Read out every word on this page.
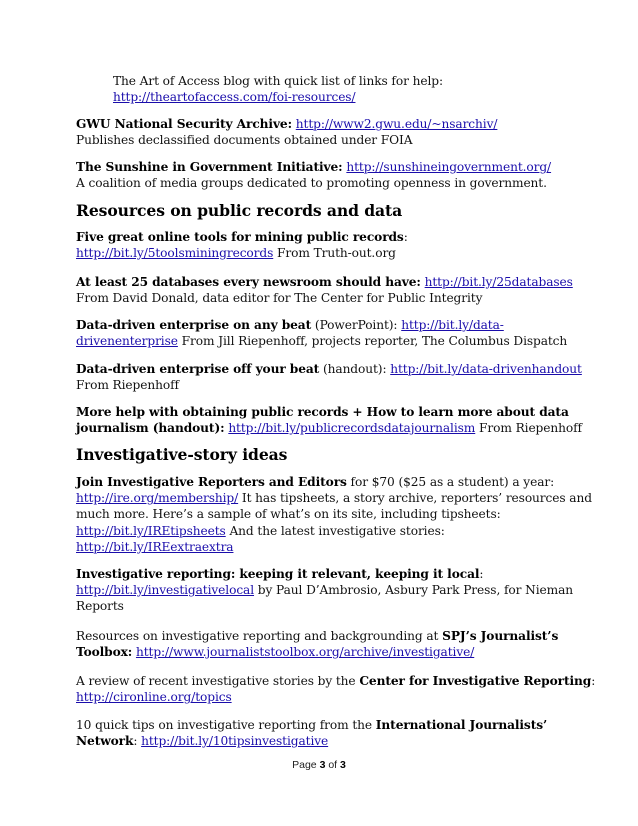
The Art of Access blog with quick list of links for help:
http://theartofaccess.com/foi-resources/
GWU National Security Archive: http://www2.gwu.edu/~nsarchiv/
Publishes declassified documents obtained under FOIA
The Sunshine in Government Initiative: http://sunshineingovernment.org/
A coalition of media groups dedicated to promoting openness in government.
Resources on public records and data
Five great online tools for mining public records:
http://bit.ly/5toolsminingrecords From Truth-out.org
At least 25 databases every newsroom should have: http://bit.ly/25databases
From David Donald, data editor for The Center for Public Integrity
Data-driven enterprise on any beat (PowerPoint): http://bit.ly/data-
drivenenterprise From Jill Riepenhoff, projects reporter, The Columbus Dispatch
Data-driven enterprise off your beat (handout): http://bit.ly/data-drivenhandout
From Riepenhoff
More help with obtaining public records + How to learn more about data
journalism (handout): http://bit.ly/publicrecordsdatajournalism From Riepenhoff
Investigative-story ideas
Join Investigative Reporters and Editors for $70 ($25 as a student) a year:
http://ire.org/membership/ It has tipsheets, a story archive, reporters’ resources and
much more. Here’s a sample of what’s on its site, including tipsheets:
http://bit.ly/IREtipsheets And the latest investigative stories:
http://bit.ly/IREextraextra
Investigative reporting: keeping it relevant, keeping it local:
http://bit.ly/investigativelocal by Paul D’Ambrosio, Asbury Park Press, for Nieman
Reports
Resources on investigative reporting and backgrounding at SPJ’s Journalist’s
Toolbox: http://www.journaliststoolbox.org/archive/investigative/
A review of recent investigative stories by the Center for Investigative Reporting:
http://cironline.org/topics
10 quick tips on investigative reporting from the International Journalists’
Network: http://bit.ly/10tipsinvestigative
Page 3 of 3
